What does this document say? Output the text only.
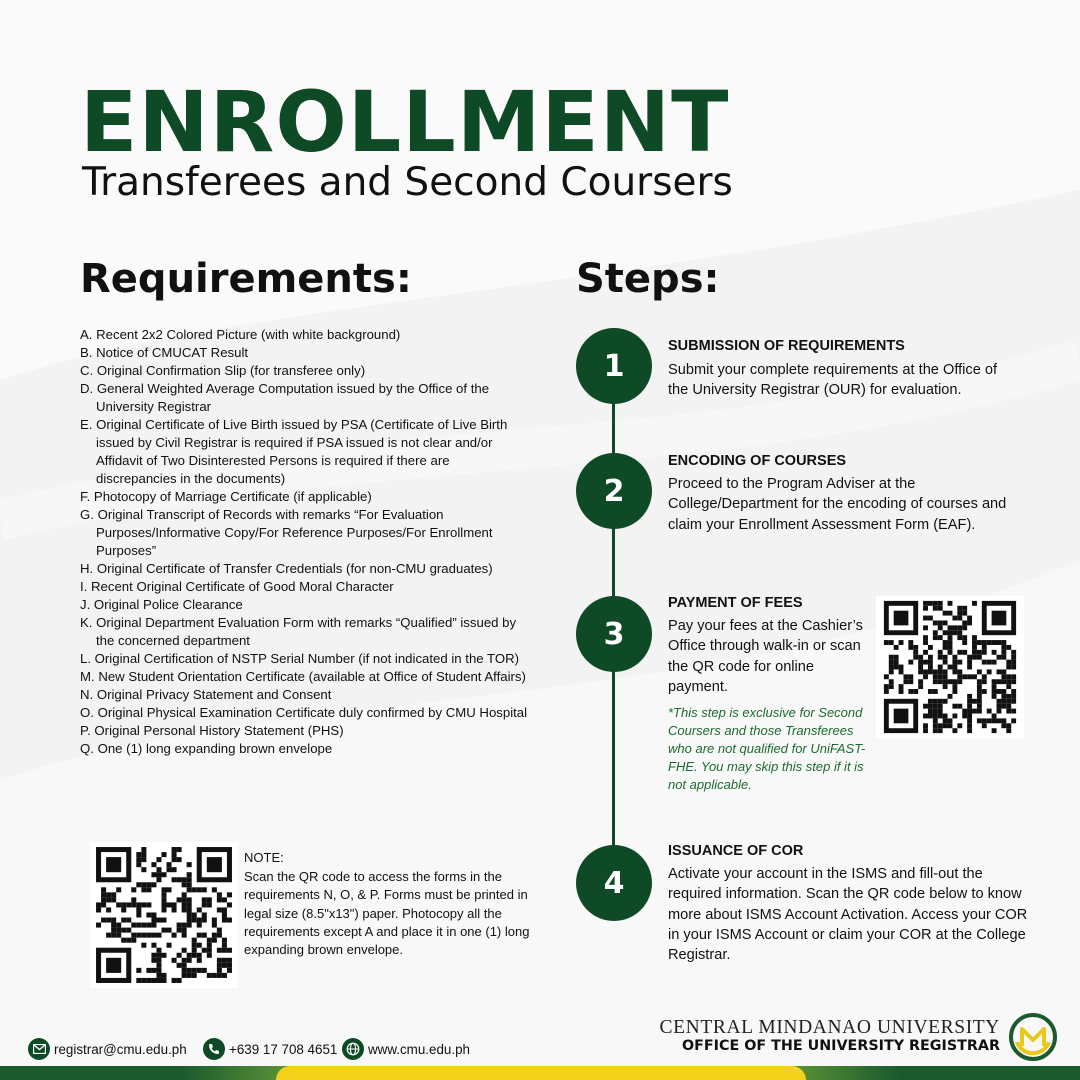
ENROLLMENT
Transferees and Second Coursers
Requirements:	Steps:
A. Recent 2x2 Colored Picture (with white background)
B. Notice of CMUCAT Result
C. Original Confirmation Slip (for transferee only)
D. General Weighted Average Computation issued by the Office of the University Registrar
E. Original Certificate of Live Birth issued by PSA (Certificate of Live Birth issued by Civil Registrar is required if PSA issued is not clear and/or Affidavit of Two Disinterested Persons is required if there are discrepancies in the documents)
F. Photocopy of Marriage Certificate (if applicable)
G. Original Transcript of Records with remarks “For Evaluation Purposes/Informative Copy/For Reference Purposes/For Enrollment Purposes”
H. Original Certificate of Transfer Credentials (for non-CMU graduates)
I. Recent Original Certificate of Good Moral Character
J. Original Police Clearance
K. Original Department Evaluation Form with remarks “Qualified” issued by the concerned department
L. Original Certification of NSTP Serial Number (if not indicated in the TOR)
M. New Student Orientation Certificate (available at Office of Student Affairs)
N. Original Privacy Statement and Consent
O. Original Physical Examination Certificate duly confirmed by CMU Hospital
P. Original Personal History Statement (PHS)
Q. One (1) long expanding brown envelope
NOTE:
Scan the QR code to access the forms in the requirements N, O, & P. Forms must be printed in legal size (8.5"x13") paper. Photocopy all the requirements except A and place it in one (1) long expanding brown envelope.
1
SUBMISSION OF REQUIREMENTS
Submit your complete requirements at the Office of the University Registrar (OUR) for evaluation.
2
ENCODING OF COURSES
Proceed to the Program Adviser at the College/Department for the encoding of courses and claim your Enrollment Assessment Form (EAF).
3
PAYMENT OF FEES
Pay your fees at the Cashier’s Office through walk-in or scan the QR code for online payment.
*This step is exclusive for Second Coursers and those Transferees who are not qualified for UniFAST-FHE. You may skip this step if it is not applicable.
4
ISSUANCE OF COR
Activate your account in the ISMS and fill-out the required information. Scan the QR code below to know more about ISMS Account Activation. Access your COR in your ISMS Account or claim your COR at the College Registrar.
registrar@cmu.edu.ph	+639 17 708 4651 www.cmu.edu.ph
CENTRAL MINDANAO UNIVERSITY
OFFICE OF THE UNIVERSITY REGISTRAR
